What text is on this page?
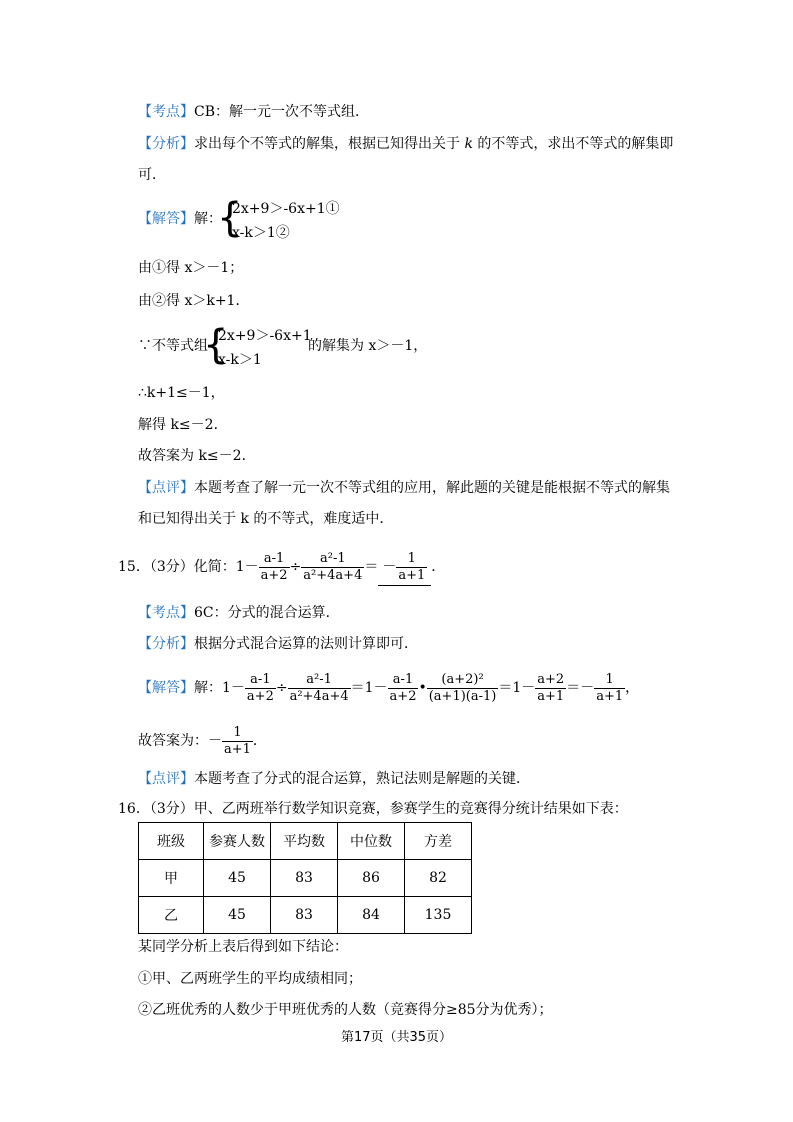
【考点】CB：解一元一次不等式组．
【分析】求出每个不等式的解集，根据已知得出关于 k 的不等式，求出不等式的解集即
可．
【解答】解：
{
2x+9＞-6x+1①
x-k＞1②
由①得 x＞－1；
由②得 x＞k+1．
∵不等式组
{
2x+9＞-6x+1
x-k＞1
的解集为 x＞－1，
∴k+1≤－1，
解得 k≤－2．
故答案为 k≤－2．
【点评】本题考查了解一元一次不等式组的应用，解此题的关键是能根据不等式的解集
和已知得出关于 k 的不等式，难度适中．
15．（3分）化简：$1- \frac{a-1}{a+2} \div \frac{\text{a²-1}}{\text{a²+4a+4}}$ ＝ － $\frac{1}{a+1}$ ．
【考点】6C：分式的混合运算．
【分析】根据分式混合运算的法则计算即可．
【解答】解：$1- \frac{a-1}{a+2} \div \frac{\text{a²-1}}{\text{a²+4a+4}} =1- \frac{a-1}{a+2}$ • $\frac{\text{(a+2)²}}{(a+1)(a-1)} =1- \frac{a+2}{a+1} =- \frac{1}{a+1}$ ，
故答案为：－ $\frac{1}{a+1}$ ．
【点评】本题考查了分式的混合运算，熟记法则是解题的关键．
16．（3分）甲、乙两班举行数学知识竞赛，参赛学生的竞赛得分统计结果如下表：
班级	参赛人数	平均数	中位数	方差
甲	45	83	86	82
乙	45	83	84	135
某同学分析上表后得到如下结论：
①甲、乙两班学生的平均成绩相同；
②乙班优秀的人数少于甲班优秀的人数（竞赛得分≥85分为优秀）；
第17页（共35页）
